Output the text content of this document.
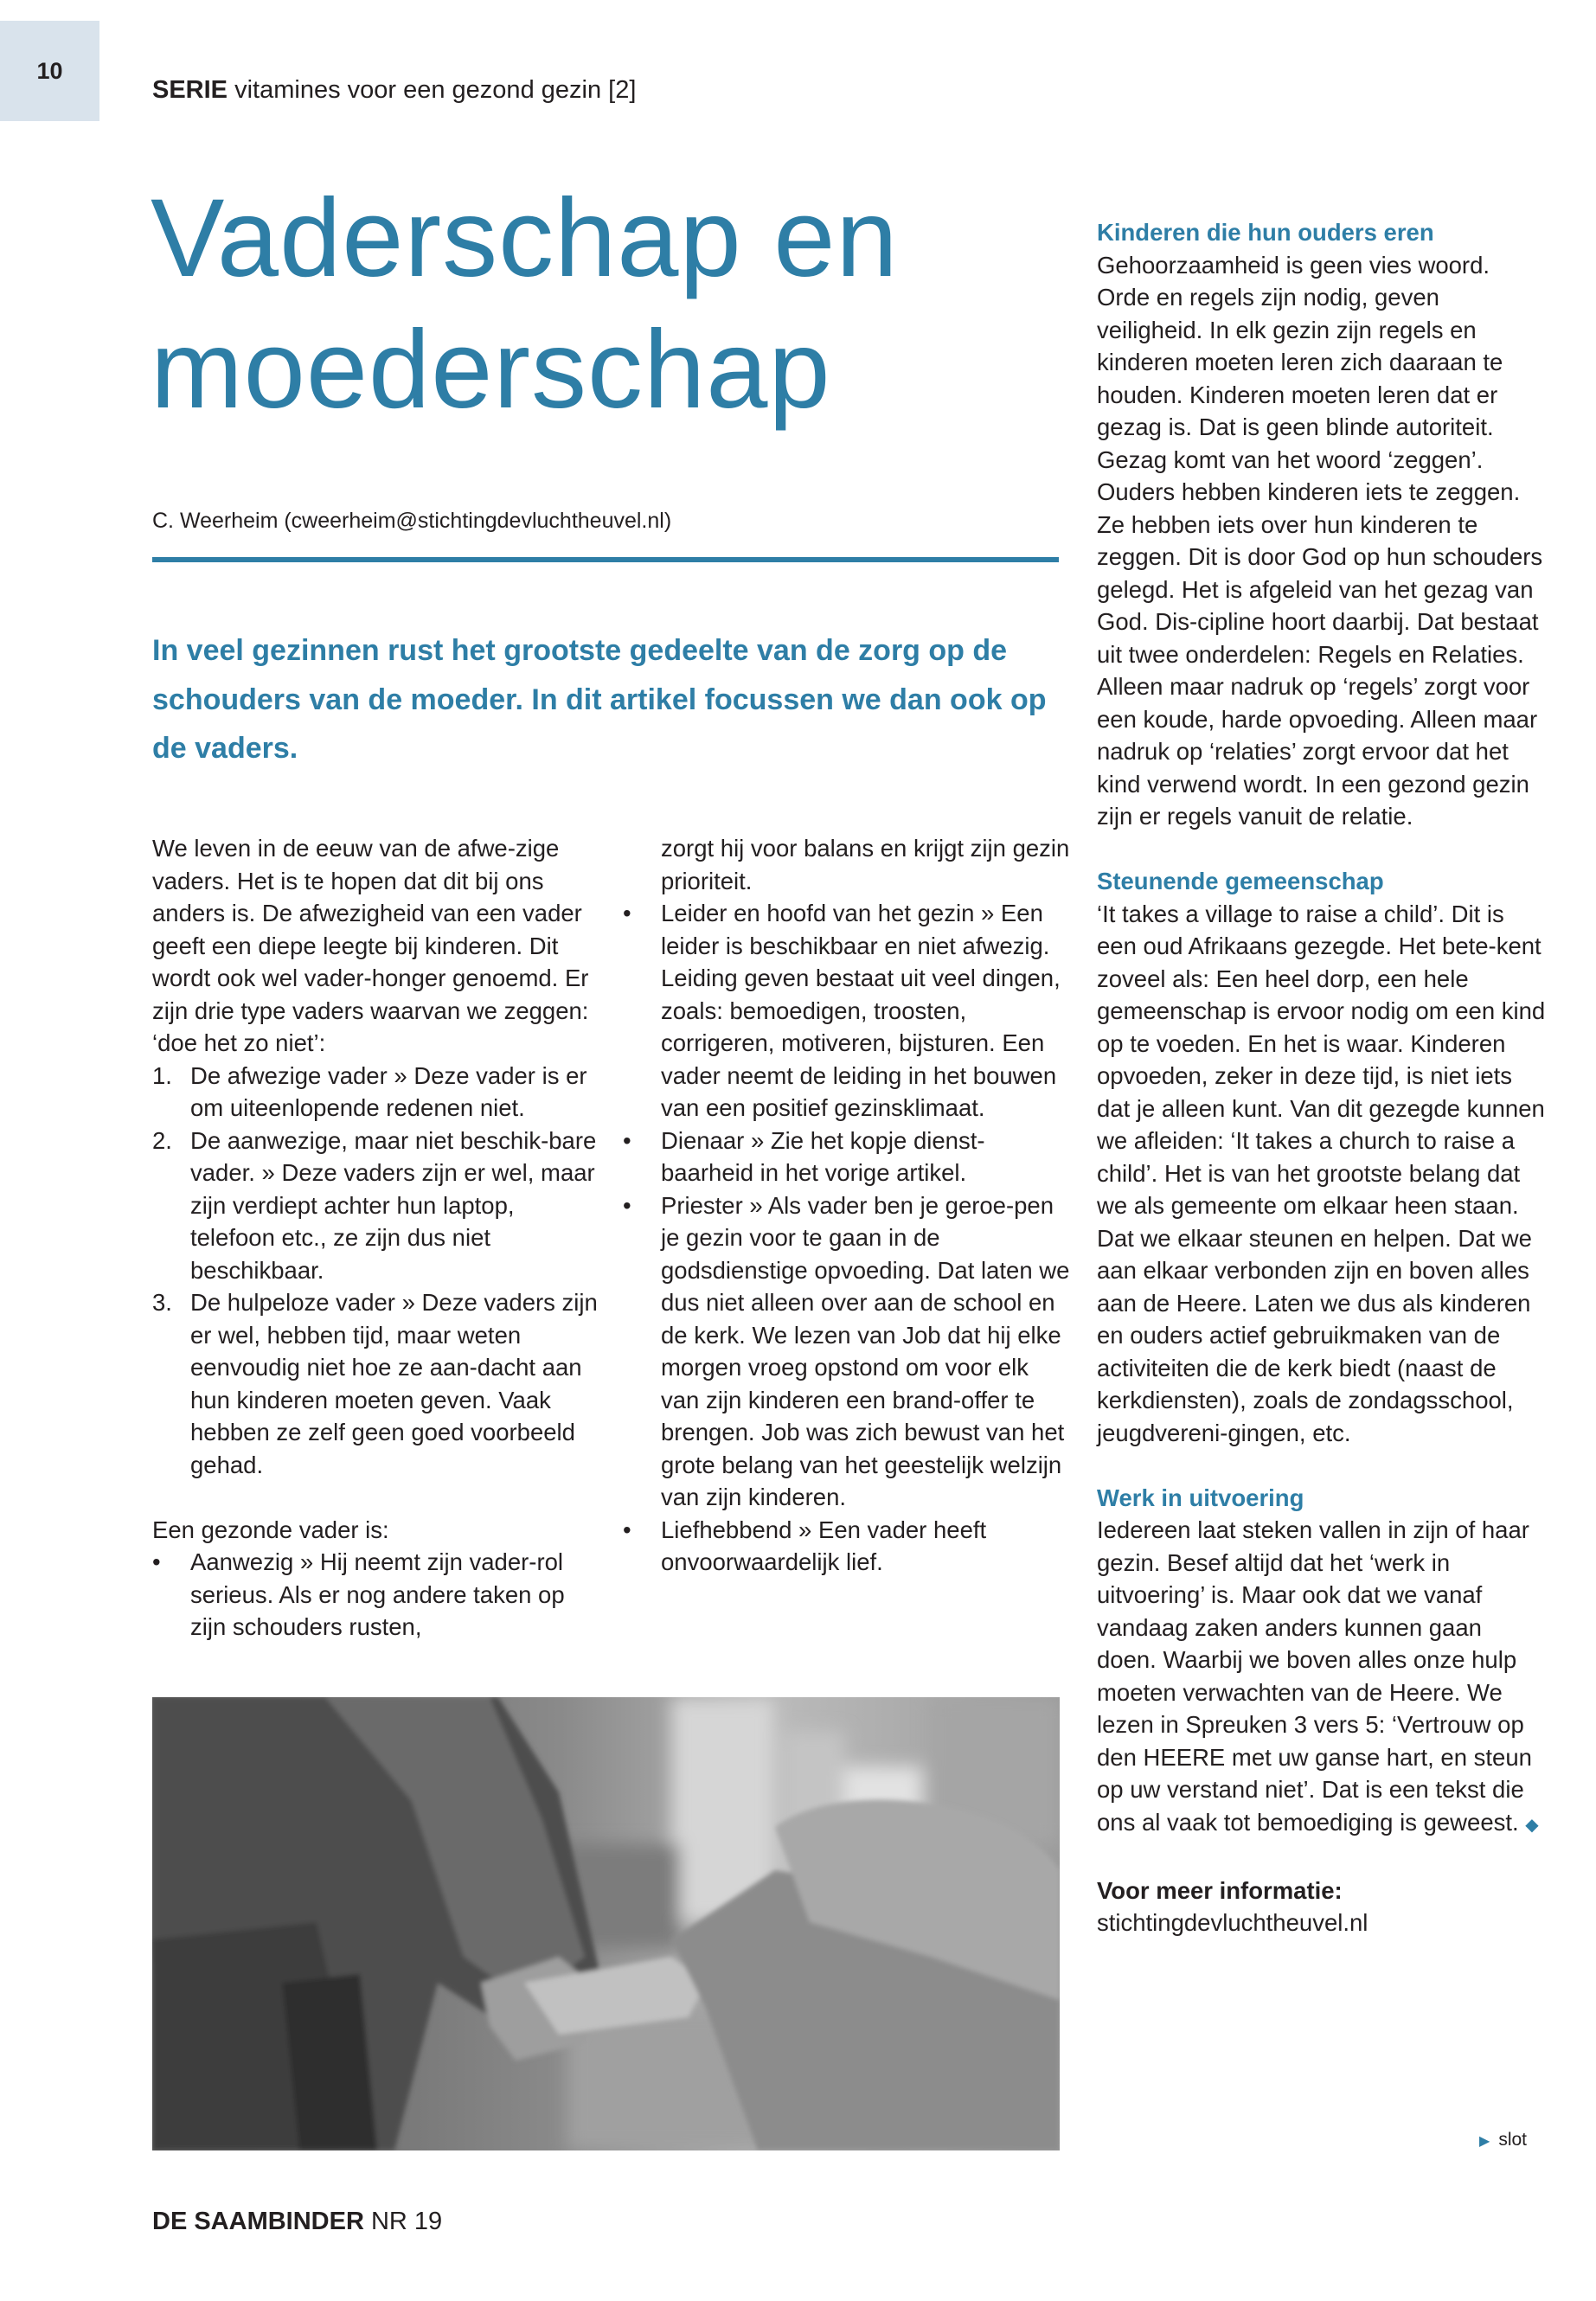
10
SERIE vitamines voor een gezond gezin [2]
Vaderschap en
moederschap
C. Weerheim (cweerheim@stichtingdevluchtheuvel.nl)
In veel gezinnen rust het grootste gedeelte van de zorg op de schouders van de moeder. In dit artikel focussen we dan ook op de vaders.

We leven in de eeuw van de afwe-zige vaders. Het is te hopen dat dit bij ons anders is. De afwezigheid van een vader geeft een diepe leegte bij kinderen. Dit wordt ook wel vader-honger genoemd. Er zijn drie type vaders waarvan we zeggen: ‘doe het zo niet’:

1. De afwezige vader » Deze vader is er om uiteenlopende redenen niet.
2. De aanwezige, maar niet beschik-bare vader. » Deze vaders zijn er wel, maar zijn verdiept achter hun laptop, telefoon etc., ze zijn dus niet beschikbaar.
3. De hulpeloze vader » Deze vaders zijn er wel, hebben tijd, maar weten eenvoudig niet hoe ze aan-dacht aan hun kinderen moeten geven. Vaak hebben ze zelf geen goed voorbeeld gehad.

Een gezonde vader is:

• Aanwezig » Hij neemt zijn vader-rol serieus. Als er nog andere taken op zijn schouders rusten,
zorgt hij voor balans en krijgt zijn gezin prioriteit.
• Leider en hoofd van het gezin » Een leider is beschikbaar en niet afwezig. Leiding geven bestaat uit veel dingen, zoals: bemoedigen, troosten, corrigeren, motiveren, bijsturen. Een vader neemt de leiding in het bouwen van een positief gezinsklimaat.
• Dienaar » Zie het kopje dienst-baarheid in het vorige artikel.
• Priester » Als vader ben je geroe-pen je gezin voor te gaan in de godsdienstige opvoeding. Dat laten we dus niet alleen over aan de school en de kerk. We lezen van Job dat hij elke morgen vroeg opstond om voor elk van zijn kinderen een brand-offer te brengen. Job was zich bewust van het grote belang van het geestelijk welzijn van zijn kinderen.
• Liefhebbend » Een vader heeft onvoorwaardelijk lief.

Kinderen die hun ouders eren

Gehoorzaamheid is geen vies woord. Orde en regels zijn nodig, geven veiligheid. In elk gezin zijn regels en kinderen moeten leren zich daaraan te houden. Kinderen moeten leren dat er gezag is. Dat is geen blinde autoriteit. Gezag komt van het woord ‘zeggen’. Ouders hebben kinderen iets te zeggen. Ze hebben iets over hun kinderen te zeggen. Dit is door God op hun schouders gelegd. Het is afgeleid van het gezag van God. Dis-cipline hoort daarbij. Dat bestaat uit twee onderdelen: Regels en Relaties. Alleen maar nadruk op ‘regels’ zorgt voor een koude, harde opvoeding. Alleen maar nadruk op ‘relaties’ zorgt ervoor dat het kind verwend wordt. In een gezond gezin zijn er regels vanuit de relatie.

Steunende gemeenschap

‘It takes a village to raise a child’. Dit is een oud Afrikaans gezegde. Het bete-kent zoveel als: Een heel dorp, een hele gemeenschap is ervoor nodig om een kind op te voeden. En het is waar. Kinderen opvoeden, zeker in deze tijd, is niet iets dat je alleen kunt. Van dit gezegde kunnen we afleiden: ‘It takes a church to raise a child’. Het is van het grootste belang dat we als gemeente om elkaar heen staan. Dat we elkaar steunen en helpen. Dat we aan elkaar verbonden zijn en boven alles aan de Heere. Laten we dus als kinderen en ouders actief gebruikmaken van de activiteiten die de kerk biedt (naast de kerkdiensten), zoals de zondagsschool, jeugdvereni-gingen, etc.

Werk in uitvoering

Iedereen laat steken vallen in zijn of haar gezin. Besef altijd dat het ‘werk in uitvoering’ is. Maar ook dat we vanaf vandaag zaken anders kunnen gaan doen. Waarbij we boven alles onze hulp moeten verwachten van de Heere. We lezen in Spreuken 3 vers 5: ‘Vertrouw op den HEERE met uw ganse hart, en steun op uw verstand niet’. Dat is een tekst die ons al vaak tot bemoediging is geweest. ◆

Voor meer informatie:

stichtingdevluchtheuvel.nl

▶ slot
DE SAAMBINDER NR 19
